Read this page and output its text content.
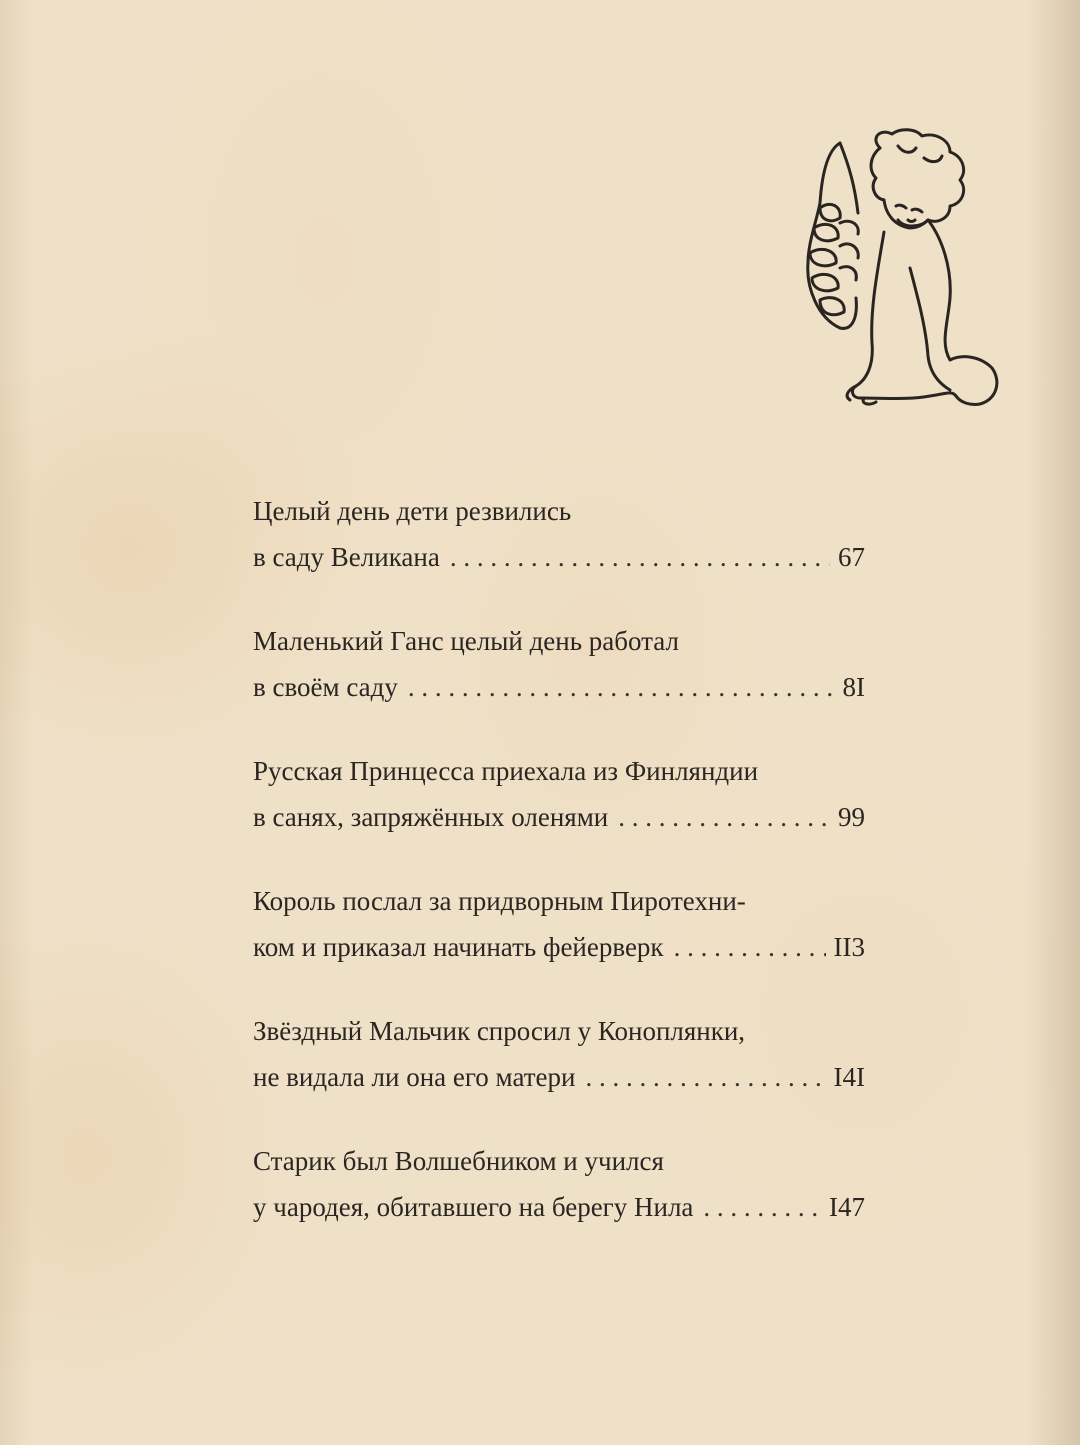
Целый день дети резвились
в саду Великана . . .	67
Маленький Ганс целый день работал
в своём саду . . .	8I
Русская Принцесса приехала из Финляндии
в санях, запряжённых оленями . . .	99
Король послал за придворным Пиротехни-
ком и приказал начинать фейерверк . . .	II3
Звёздный Мальчик спросил у Коноплянки,
не видала ли она его матери . . .	I4I
Старик был Волшебником и учился
у чародея, обитавшего на берегу Нила . . .	I47
